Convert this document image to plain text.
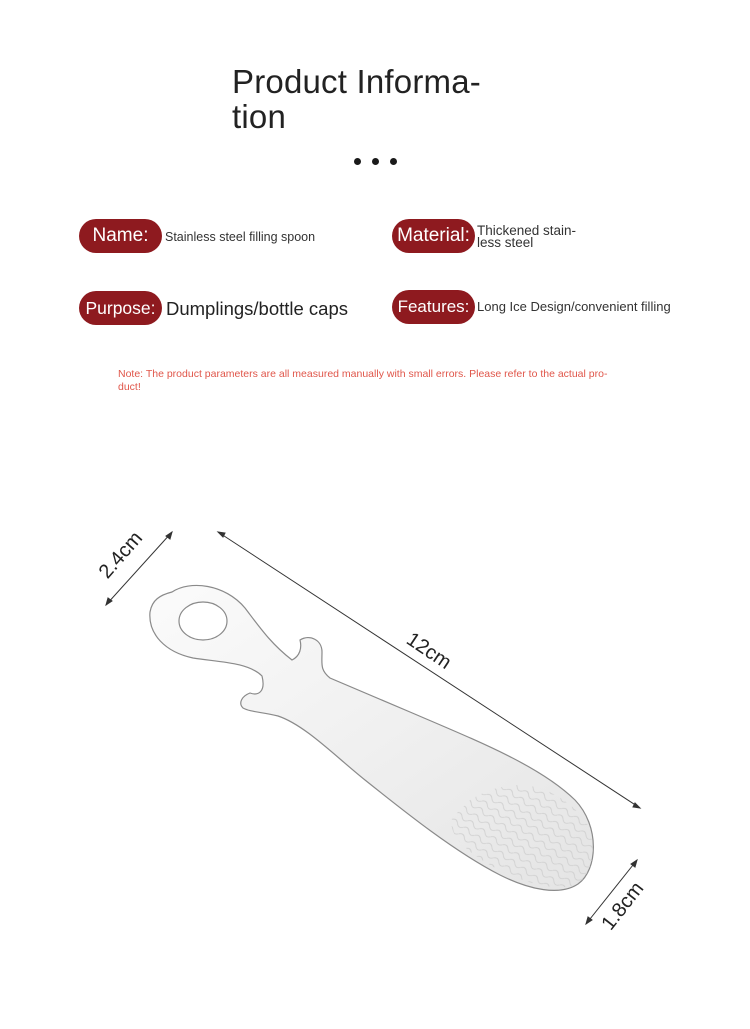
Product Informa-
tion
Name:	Stainless steel filling spoon	Material: Thickened stain-
less steel
Purpose: Dumplings/bottle caps	Features: Long Ice Design/convenient filling
Note: The product parameters are all measured manually with small errors. Please refer to the actual pro-
duct!
2.4cm
12cm
1.8cm
